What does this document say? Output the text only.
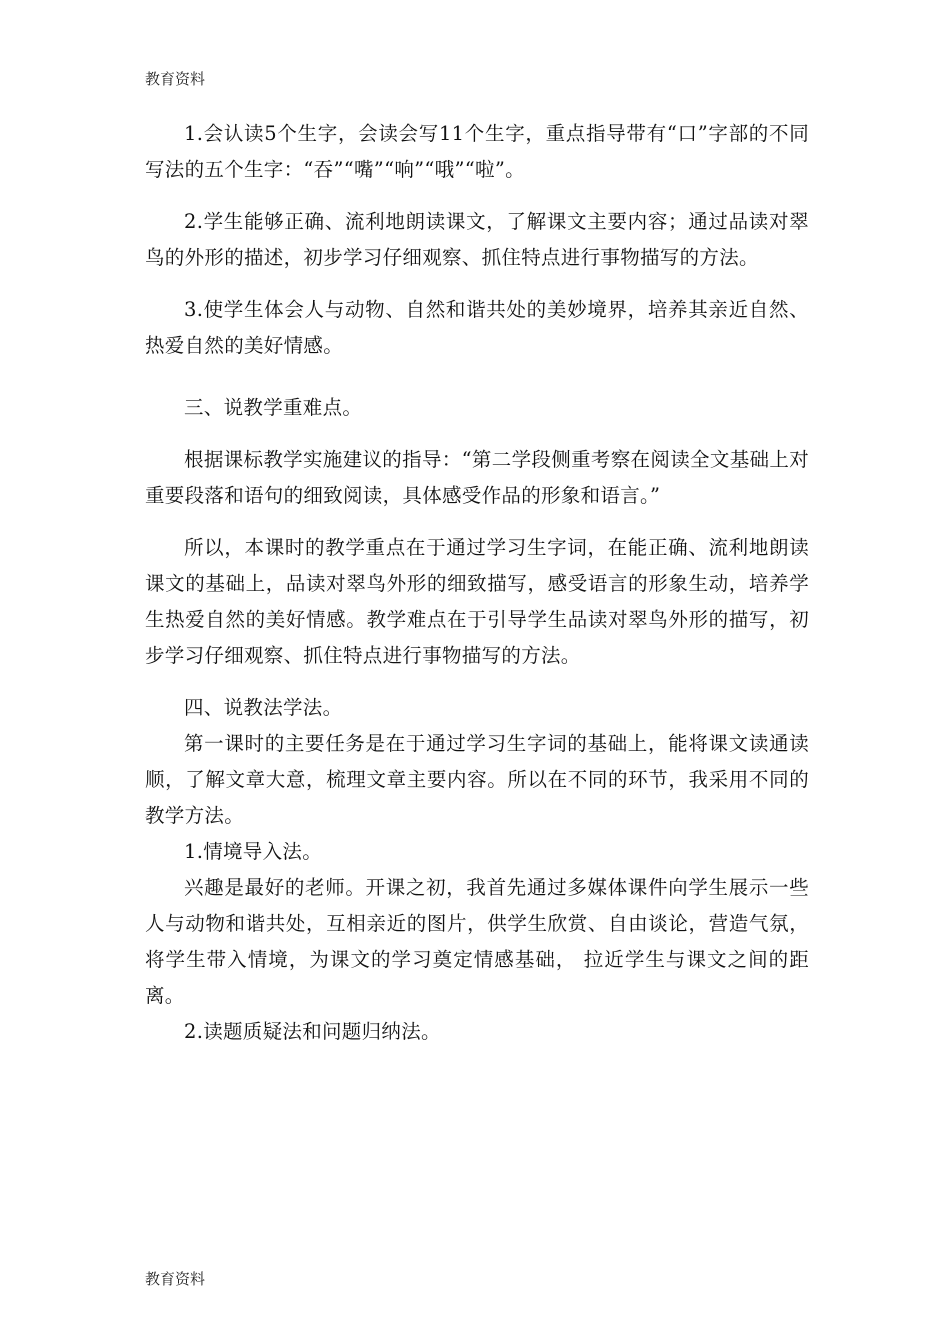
教育资料

1.会认读5个生字，会读会写11个生字，重点指导带有“口”字部的不同写法的五个生字：“吞”“嘴”“响”“哦”“啦”。

2.学生能够正确、流利地朗读课文，了解课文主要内容；通过品读对翠鸟的外形的描述，初步学习仔细观察、抓住特点进行事物描写的方法。

3.使学生体会人与动物、自然和谐共处的美妙境界，培养其亲近自然、热爱自然的美好情感。

三、说教学重难点。

根据课标教学实施建议的指导：“第二学段侧重考察在阅读全文基础上对重要段落和语句的细致阅读，具体感受作品的形象和语言。”

所以，本课时的教学重点在于通过学习生字词，在能正确、流利地朗读课文的基础上，品读对翠鸟外形的细致描写，感受语言的形象生动，培养学生热爱自然的美好情感。教学难点在于引导学生品读对翠鸟外形的描写，初步学习仔细观察、抓住特点进行事物描写的方法。

四、说教法学法。

第一课时的主要任务是在于通过学习生字词的基础上，能将课文读通读顺，了解文章大意，梳理文章主要内容。所以在不同的环节，我采用不同的教学方法。

1.情境导入法。

兴趣是最好的老师。开课之初，我首先通过多媒体课件向学生展示一些人与动物和谐共处，互相亲近的图片，供学生欣赏、自由谈论，营造气氛，将学生带入情境，为课文的学习奠定情感基础， 拉近学生与课文之间的距离。

2.读题质疑法和问题归纳法。

教育资料
